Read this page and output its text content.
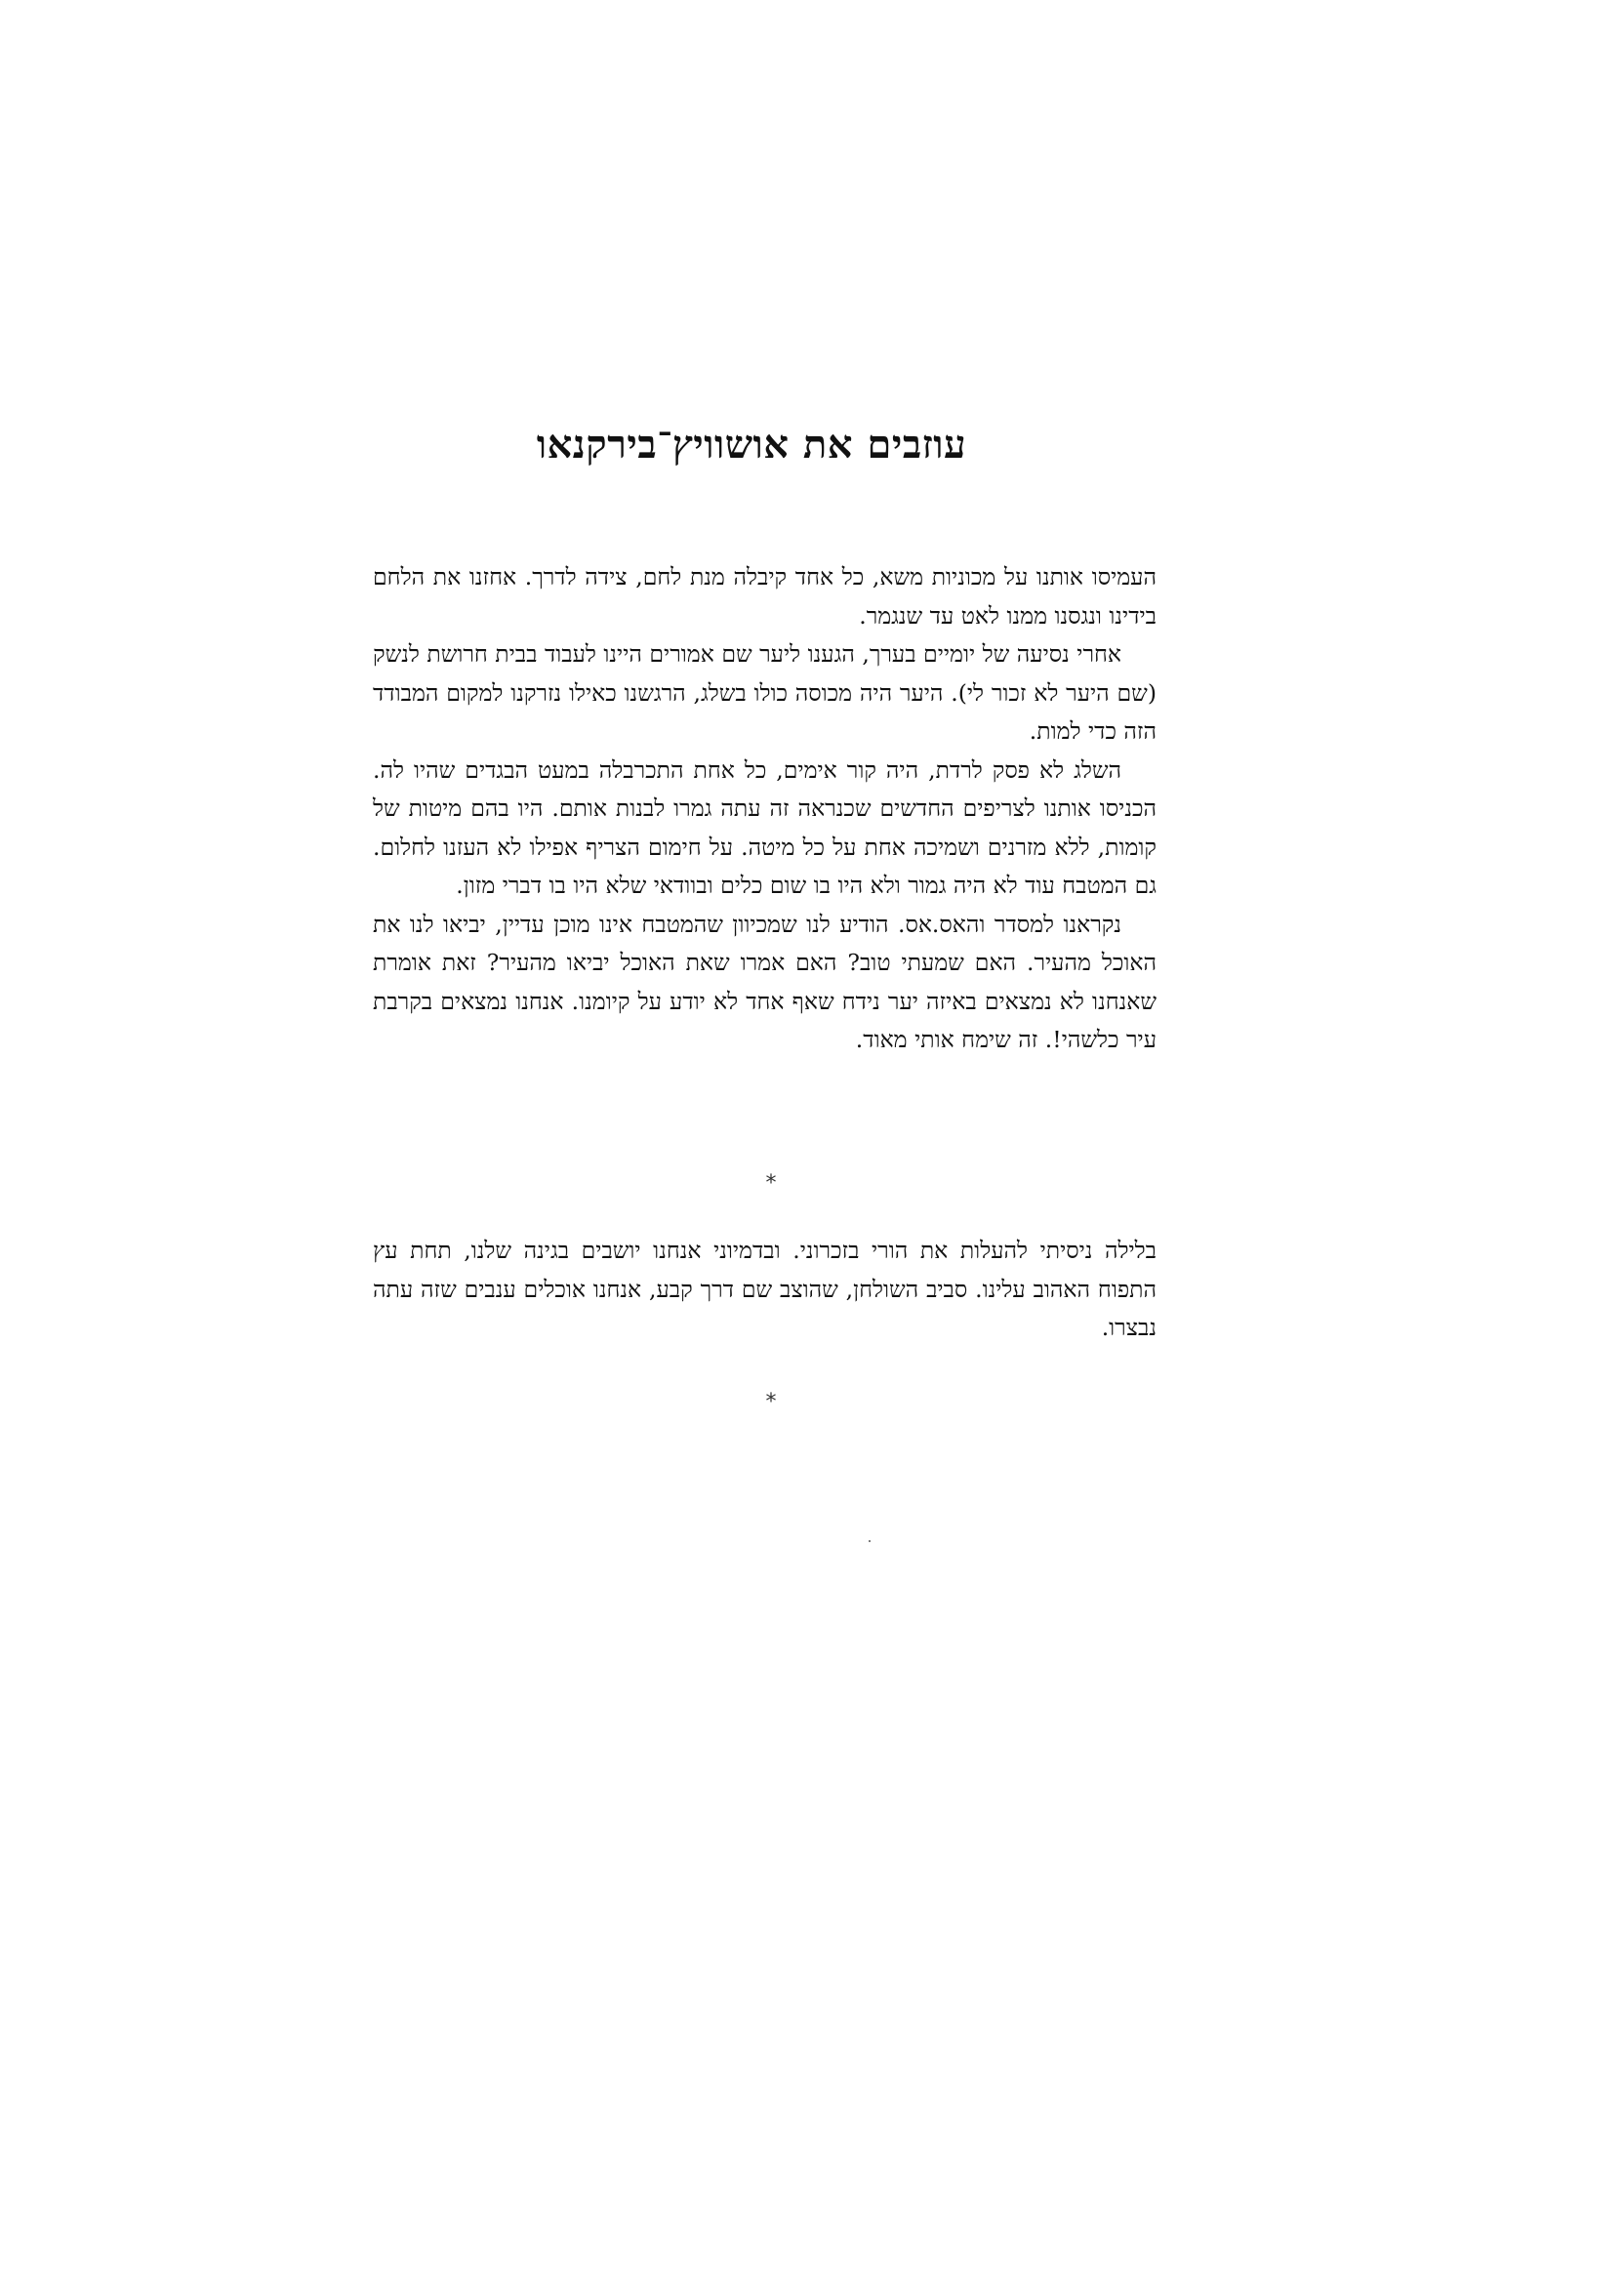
עוזבים את אושוויץ־בירקנאו

העמיסו אותנו על מכוניות משא, כל אחד קיבלה מנת לחם, צידה לדרך. אחזנו את הלחם בידינו ונגסנו ממנו לאט עד שנגמר.

אחרי נסיעה של יומיים בערך, הגענו ליער שם אמורים היינו לעבוד בבית חרושת לנשק (שם היער לא זכור לי). היער היה מכוסה כולו בשלג, הרגשנו כאילו נזרקנו למקום המבודד הזה כדי למות.

השלג לא פסק לרדת, היה קור אימים, כל אחת התכרבלה במעט הבגדים שהיו לה. הכניסו אותנו לצריפים החדשים שכנראה זה עתה גמרו לבנות אותם. היו בהם מיטות של קומות, ללא מזרנים ושמיכה אחת על כל מיטה. על חימום הצריף אפילו לא העזנו לחלום. גם המטבח עוד לא היה גמור ולא היו בו שום כלים ובוודאי שלא היו בו דברי מזון.

נקראנו למסדר והאס.אס. הודיע לנו שמכיוון שהמטבח אינו מוכן עדיין, יביאו לנו את האוכל מהעיר. האם שמעתי טוב? האם אמרו שאת האוכל יביאו מהעיר? זאת אומרת שאנחנו לא נמצאים באיזה יער נידח שאף אחד לא יודע על קיומנו. אנחנו נמצאים בקרבת עיר כלשהי!. זה שימח אותי מאוד.

*

בלילה ניסיתי להעלות את הורי בזכרוני. ובדמיוני אנחנו יושבים בגינה שלנו, תחת עץ התפוח האהוב עלינו. סביב השולחן, שהוצב שם דרך קבע, אנחנו אוכלים ענבים שזה עתה נבצרו.

*
